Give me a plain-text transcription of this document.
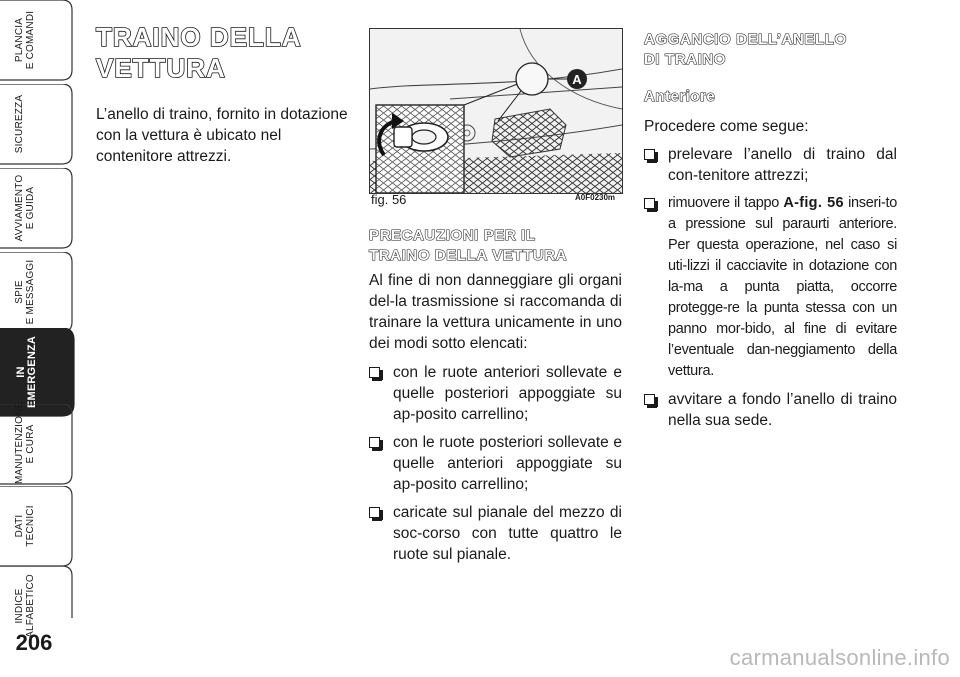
PLANCIA
E COMANDI
SICUREZZA
AVVIAMENTO
E GUIDA
SPIE
E MESSAGGI
IN
EMERGENZA
MANUTENZIONE
E CURA
DATI
TECNICI
INDICE
ALFABETICO
206
TRAINO DELLA
VETTURA

L’anello di traino, fornito in dotazione con la vettura è ubicato nel contenitore attrezzi.

A
fig. 56	A0F0230m
PRECAUZIONI PER IL
TRAINO DELLA VETTURA

Al fine di non danneggiare gli organi del-la trasmissione si raccomanda di trainare la vettura unicamente in uno dei modi sotto elencati:

con le ruote anteriori sollevate e quelle posteriori appoggiate su ap-posito carrellino;
con le ruote posteriori sollevate e quelle anteriori appoggiate su ap-posito carrellino;
caricate sul pianale del mezzo di soc-corso con tutte quattro le ruote sul pianale.
AGGANCIO DELL’ANELLO
DI TRAINO
Anteriore

Procedere come segue:

prelevare l’anello di traino dal con-tenitore attrezzi;
rimuovere il tappo A-fig. 56 inseri-to a pressione sul paraurti anteriore. Per questa operazione, nel caso si uti-lizzi il cacciavite in dotazione con la-ma a punta piatta, occorre protegge-re la punta stessa con un panno mor-bido, al fine di evitare l’eventuale dan-neggiamento della vettura.
avvitare a fondo l’anello di traino nella sua sede.
carmanualsonline.info
